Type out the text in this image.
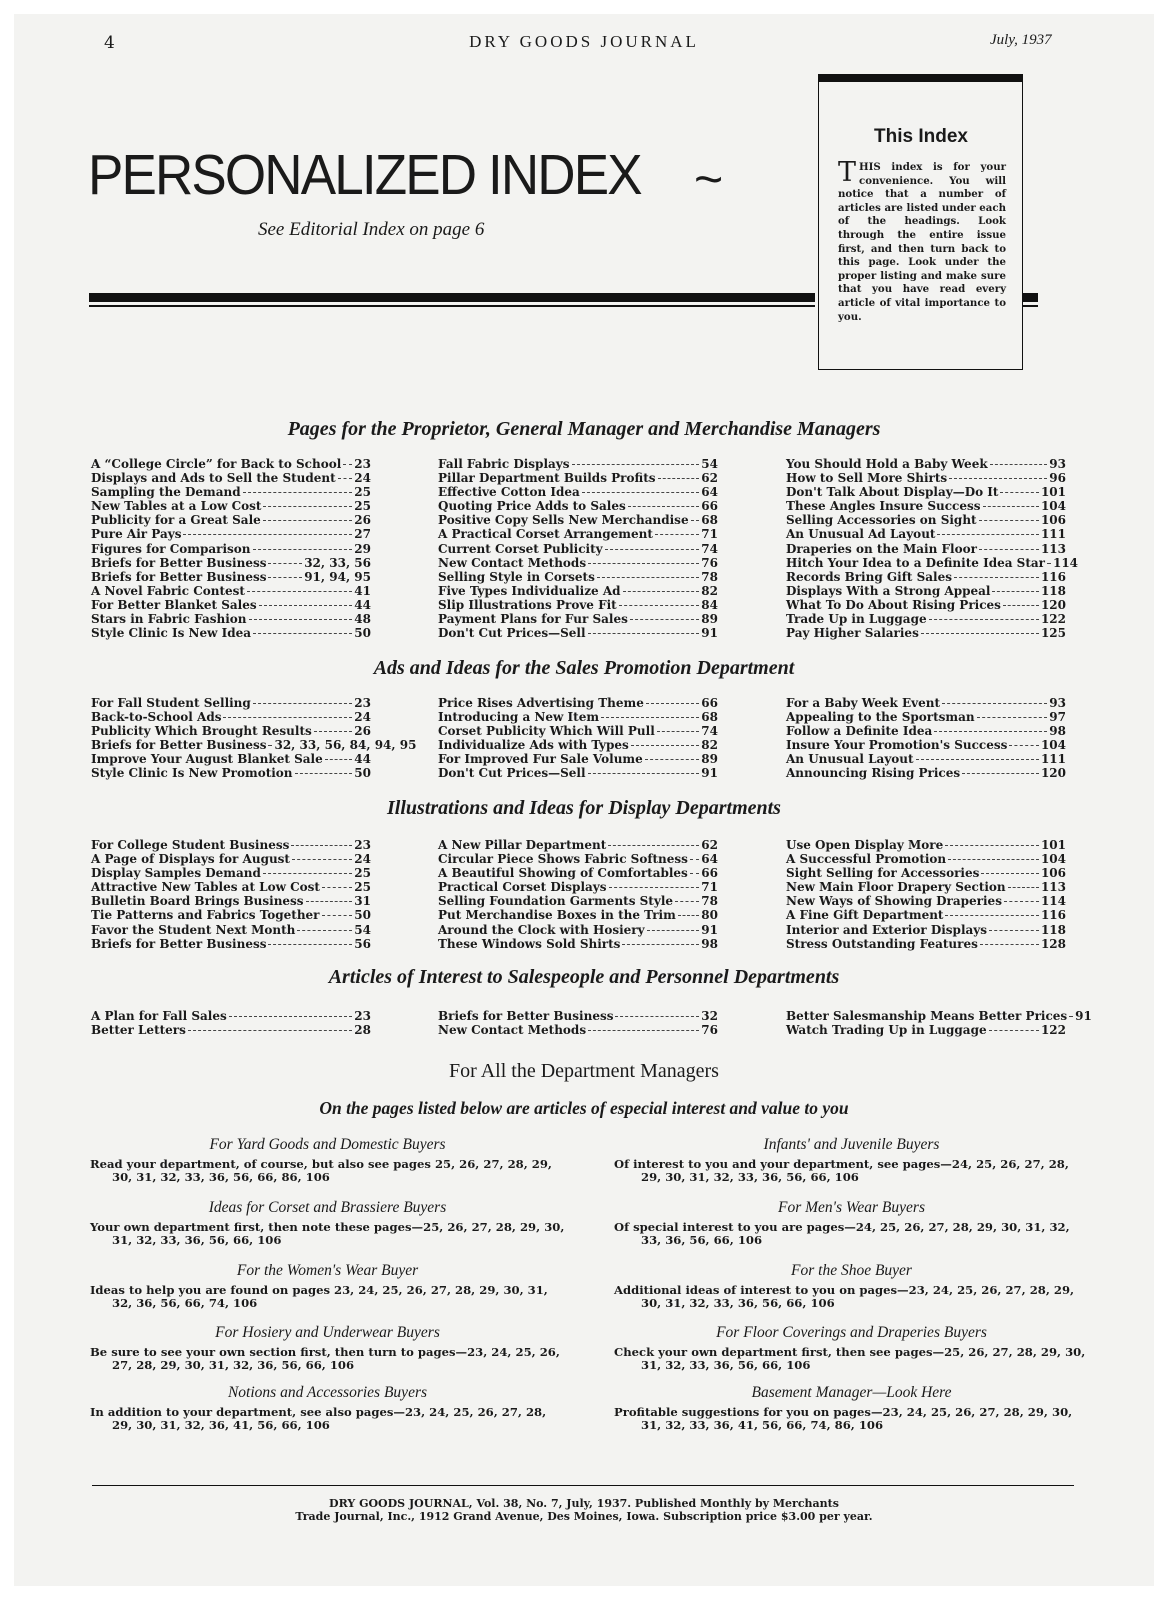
4	DRY GOODS JOURNAL	July, 1937
PERSONALIZED INDEX ~
See Editorial Index on page 6
This Index
THIS index is for your convenience. You will notice that a number of articles are listed under each of the headings. Look through the entire issue first, and then turn back to this page. Look under the proper listing and make sure that you have read every article of vital importance to you.
Pages for the Proprietor, General Manager and Merchandise Managers
Ads and Ideas for the Sales Promotion Department
Illustrations and Ideas for Display Departments
Articles of Interest to Salespeople and Personnel Departments
A “College Circle” for Back to School 23
Displays and Ads to Sell the Student 24
Sampling the Demand	25
New Tables at a Low Cost	25
Publicity for a Great Sale	26
Pure Air Pays	27
Figures for Comparison	29
Briefs for Better Business	32, 33, 56
Briefs for Better Business	91, 94, 95
A Novel Fabric Contest	41
For Better Blanket Sales	44
Stars in Fabric Fashion	48
Style Clinic Is New Idea	50
Fall Fabric Displays	54
Pillar Department Builds Profits	62
Effective Cotton Idea	64
Quoting Price Adds to Sales	66
Positive Copy Sells New Merchandise 68
A Practical Corset Arrangement	71
Current Corset Publicity	74
New Contact Methods	76
Selling Style in Corsets	78
Five Types Individualize Ad	82
Slip Illustrations Prove Fit	84
Payment Plans for Fur Sales	89
Don't Cut Prices—Sell	91
You Should Hold a Baby Week	93
How to Sell More Shirts	96
Don't Talk About Display—Do It	101
These Angles Insure Success	104
Selling Accessories on Sight	106
An Unusual Ad Layout	111
Draperies on the Main Floor	113
Hitch Your Idea to a Definite Idea Star 114
Records Bring Gift Sales	116
Displays With a Strong Appeal	118
What To Do About Rising Prices	120
Trade Up in Luggage	122
Pay Higher Salaries	125
For Fall Student Selling	23
Back-to-School Ads	24
Publicity Which Brought Results	26
Briefs for Better Business 32, 33, 56, 84, 94, 95
Improve Your August Blanket Sale	44
Style Clinic Is New Promotion	50
Price Rises Advertising Theme	66
Introducing a New Item	68
Corset Publicity Which Will Pull	74
Individualize Ads with Types	82
For Improved Fur Sale Volume	89
Don't Cut Prices—Sell	91
For a Baby Week Event	93
Appealing to the Sportsman	97
Follow a Definite Idea	98
Insure Your Promotion's Success	104
An Unusual Layout	111
Announcing Rising Prices	120
For College Student Business	23
A Page of Displays for August	24
Display Samples Demand	25
Attractive New Tables at Low Cost	25
Bulletin Board Brings Business	31
Tie Patterns and Fabrics Together	50
Favor the Student Next Month	54
Briefs for Better Business	56
A New Pillar Department	62
Circular Piece Shows Fabric Softness 64
A Beautiful Showing of Comfortables 66
Practical Corset Displays	71
Selling Foundation Garments Style 78
Put Merchandise Boxes in the Trim 80
Around the Clock with Hosiery	91
These Windows Sold Shirts	98
Use Open Display More	101
A Successful Promotion	104
Sight Selling for Accessories	106
New Main Floor Drapery Section	113
New Ways of Showing Draperies	114
A Fine Gift Department	116
Interior and Exterior Displays	118
Stress Outstanding Features	128
A Plan for Fall Sales	23
Better Letters	28
Briefs for Better Business	32
New Contact Methods	76
Better Salesmanship Means Better Prices 91
Watch Trading Up in Luggage	122
For All the Department Managers
On the pages listed below are articles of especial interest and value to you
For Yard Goods and Domestic Buyers

Read your department, of course, but also see pages 25, 26, 27, 28, 29,
30, 31, 32, 33, 36, 56, 66, 86, 106

Ideas for Corset and Brassiere Buyers

Your own department first, then note these pages—25, 26, 27, 28, 29, 30,
31, 32, 33, 36, 56, 66, 106

For the Women's Wear Buyer

Ideas to help you are found on pages 23, 24, 25, 26, 27, 28, 29, 30, 31,
32, 36, 56, 66, 74, 106

For Hosiery and Underwear Buyers

Be sure to see your own section first, then turn to pages—23, 24, 25, 26,
27, 28, 29, 30, 31, 32, 36, 56, 66, 106

Notions and Accessories Buyers

In addition to your department, see also pages—23, 24, 25, 26, 27, 28,
29, 30, 31, 32, 36, 41, 56, 66, 106

Infants' and Juvenile Buyers

Of interest to you and your department, see pages—24, 25, 26, 27, 28,
29, 30, 31, 32, 33, 36, 56, 66, 106

For Men's Wear Buyers

Of special interest to you are pages—24, 25, 26, 27, 28, 29, 30, 31, 32,
33, 36, 56, 66, 106

For the Shoe Buyer

Additional ideas of interest to you on pages—23, 24, 25, 26, 27, 28, 29,
30, 31, 32, 33, 36, 56, 66, 106

For Floor Coverings and Draperies Buyers

Check your own department first, then see pages—25, 26, 27, 28, 29, 30,
31, 32, 33, 36, 56, 66, 106

Basement Manager—Look Here

Profitable suggestions for you on pages—23, 24, 25, 26, 27, 28, 29, 30,
31, 32, 33, 36, 41, 56, 66, 74, 86, 106

DRY GOODS JOURNAL, Vol. 38, No. 7, July, 1937. Published Monthly by Merchants
Trade Journal, Inc., 1912 Grand Avenue, Des Moines, Iowa. Subscription price $3.00 per year.
